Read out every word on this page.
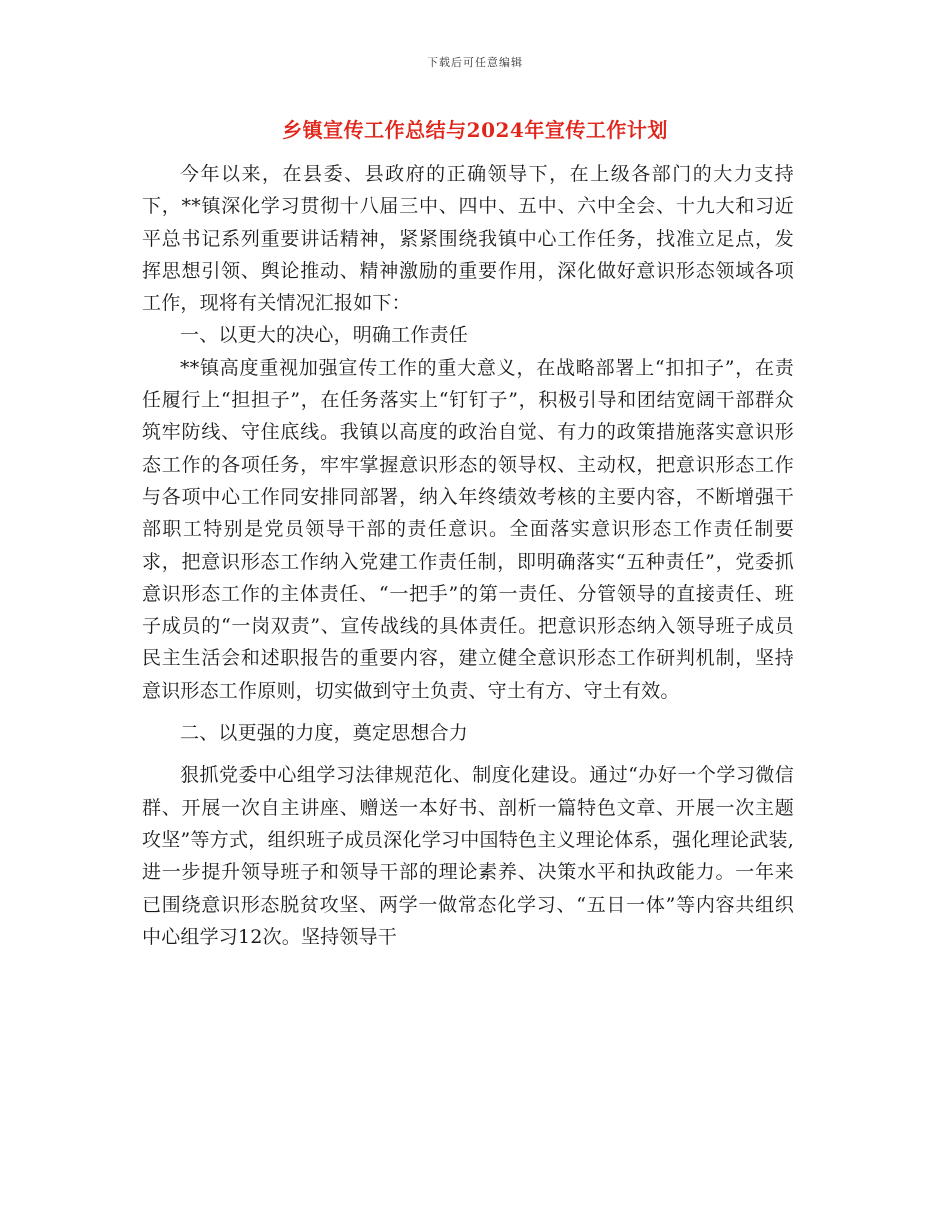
下载后可任意编辑
乡镇宣传工作总结与2024年宣传工作计划

今年以来，在县委、县政府的正确领导下，在上级各部门的大力支持下，**镇深化学习贯彻十八届三中、四中、五中、六中全会、十九大和习近平总书记系列重要讲话精神，紧紧围绕我镇中心工作任务，找准立足点，发挥思想引领、舆论推动、精神激励的重要作用，深化做好意识形态领域各项工作，现将有关情况汇报如下：

一、以更大的决心，明确工作责任

**镇高度重视加强宣传工作的重大意义，在战略部署上“扣扣子”，在责任履行上“担担子”，在任务落实上“钉钉子”，积极引导和团结宽阔干部群众筑牢防线、守住底线。我镇以高度的政治自觉、有力的政策措施落实意识形态工作的各项任务，牢牢掌握意识形态的领导权、主动权，把意识形态工作与各项中心工作同安排同部署，纳入年终绩效考核的主要内容，不断增强干部职工特别是党员领导干部的责任意识。全面落实意识形态工作责任制要求，把意识形态工作纳入党建工作责任制，即明确落实“五种责任”，党委抓意识形态工作的主体责任、“一把手”的第一责任、分管领导的直接责任、班子成员的“一岗双责”、宣传战线的具体责任。把意识形态纳入领导班子成员民主生活会和述职报告的重要内容，建立健全意识形态工作研判机制，坚持意识形态工作原则，切实做到守土负责、守土有方、守土有效。

二、以更强的力度，奠定思想合力

狠抓党委中心组学习法律规范化、制度化建设。通过“办好一个学习微信群、开展一次自主讲座、赠送一本好书、剖析一篇特色文章、开展一次主题攻坚”等方式，组织班子成员深化学习中国特色主义理论体系，强化理论武装,进一步提升领导班子和领导干部的理论素养、决策水平和执政能力。一年来已围绕意识形态脱贫攻坚、两学一做常态化学习、“五日一体”等内容共组织中心组学习12次。坚持领导干
